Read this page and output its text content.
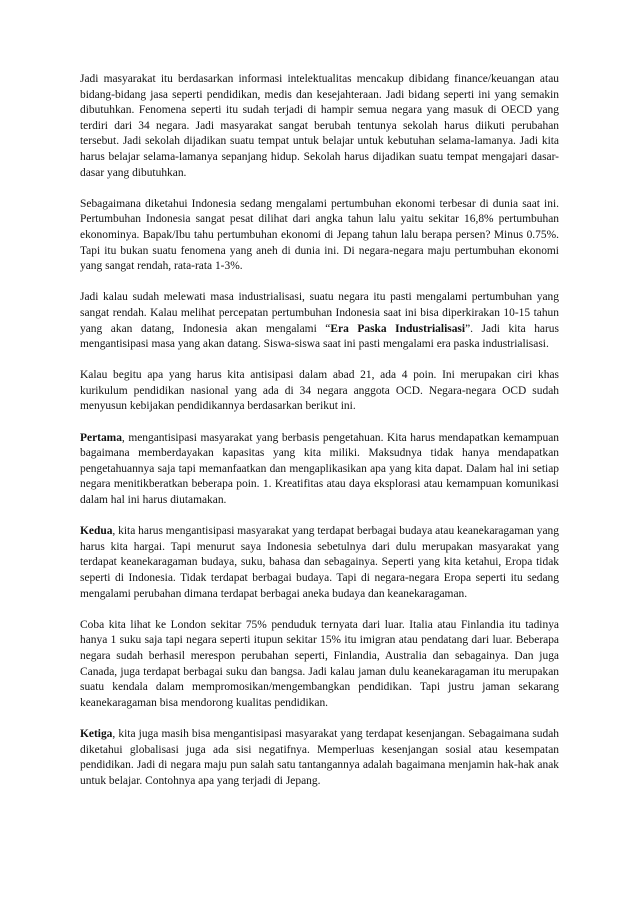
Jadi masyarakat itu berdasarkan informasi intelektualitas mencakup dibidang finance/keuangan atau bidang-bidang jasa seperti pendidikan, medis dan kesejahteraan. Jadi bidang seperti ini yang semakin dibutuhkan. Fenomena seperti itu sudah terjadi di hampir semua negara yang masuk di OECD yang terdiri dari 34 negara. Jadi masyarakat sangat berubah tentunya sekolah harus diikuti perubahan tersebut. Jadi sekolah dijadikan suatu tempat untuk belajar untuk kebutuhan selama-lamanya. Jadi kita harus belajar selama-lamanya sepanjang hidup. Sekolah harus dijadikan suatu tempat mengajari dasar-dasar yang dibutuhkan.

Sebagaimana diketahui Indonesia sedang mengalami pertumbuhan ekonomi terbesar di dunia saat ini. Pertumbuhan Indonesia sangat pesat dilihat dari angka tahun lalu yaitu sekitar 16,8% pertumbuhan ekonominya. Bapak/Ibu tahu pertumbuhan ekonomi di Jepang tahun lalu berapa persen? Minus 0.75%. Tapi itu bukan suatu fenomena yang aneh di dunia ini. Di negara-negara maju pertumbuhan ekonomi yang sangat rendah, rata-rata 1-3%.

Jadi kalau sudah melewati masa industrialisasi, suatu negara itu pasti mengalami pertumbuhan yang sangat rendah. Kalau melihat percepatan pertumbuhan Indonesia saat ini bisa diperkirakan 10-15 tahun yang akan datang, Indonesia akan mengalami “Era Paska Industrialisasi”. Jadi kita harus mengantisipasi masa yang akan datang. Siswa-siswa saat ini pasti mengalami era paska industrialisasi.

Kalau begitu apa yang harus kita antisipasi dalam abad 21, ada 4 poin. Ini merupakan ciri khas kurikulum pendidikan nasional yang ada di 34 negara anggota OCD. Negara-negara OCD sudah menyusun kebijakan pendidikannya berdasarkan berikut ini.

Pertama, mengantisipasi masyarakat yang berbasis pengetahuan. Kita harus mendapatkan kemampuan bagaimana memberdayakan kapasitas yang kita miliki. Maksudnya tidak hanya mendapatkan pengetahuannya saja tapi memanfaatkan dan mengaplikasikan apa yang kita dapat. Dalam hal ini setiap negara menitikberatkan beberapa poin. 1. Kreatifitas atau daya eksplorasi atau kemampuan komunikasi dalam hal ini harus diutamakan.

Kedua, kita harus mengantisipasi masyarakat yang terdapat berbagai budaya atau keanekaragaman yang harus kita hargai. Tapi menurut saya Indonesia sebetulnya dari dulu merupakan masyarakat yang terdapat keanekaragaman budaya, suku, bahasa dan sebagainya. Seperti yang kita ketahui, Eropa tidak seperti di Indonesia. Tidak terdapat berbagai budaya. Tapi di negara-negara Eropa seperti itu sedang mengalami perubahan dimana terdapat berbagai aneka budaya dan keanekaragaman.

Coba kita lihat ke London sekitar 75% penduduk ternyata dari luar. Italia atau Finlandia itu tadinya hanya 1 suku saja tapi negara seperti itupun sekitar 15% itu imigran atau pendatang dari luar. Beberapa negara sudah berhasil merespon perubahan seperti, Finlandia, Australia dan sebagainya. Dan juga Canada, juga terdapat berbagai suku dan bangsa. Jadi kalau jaman dulu keanekaragaman itu merupakan suatu kendala dalam mempromosikan/mengembangkan pendidikan. Tapi justru jaman sekarang keanekaragaman bisa mendorong kualitas pendidikan.

Ketiga, kita juga masih bisa mengantisipasi masyarakat yang terdapat kesenjangan. Sebagaimana sudah diketahui globalisasi juga ada sisi negatifnya. Memperluas kesenjangan sosial atau kesempatan pendidikan. Jadi di negara maju pun salah satu tantangannya adalah bagaimana menjamin hak-hak anak untuk belajar. Contohnya apa yang terjadi di Jepang.
